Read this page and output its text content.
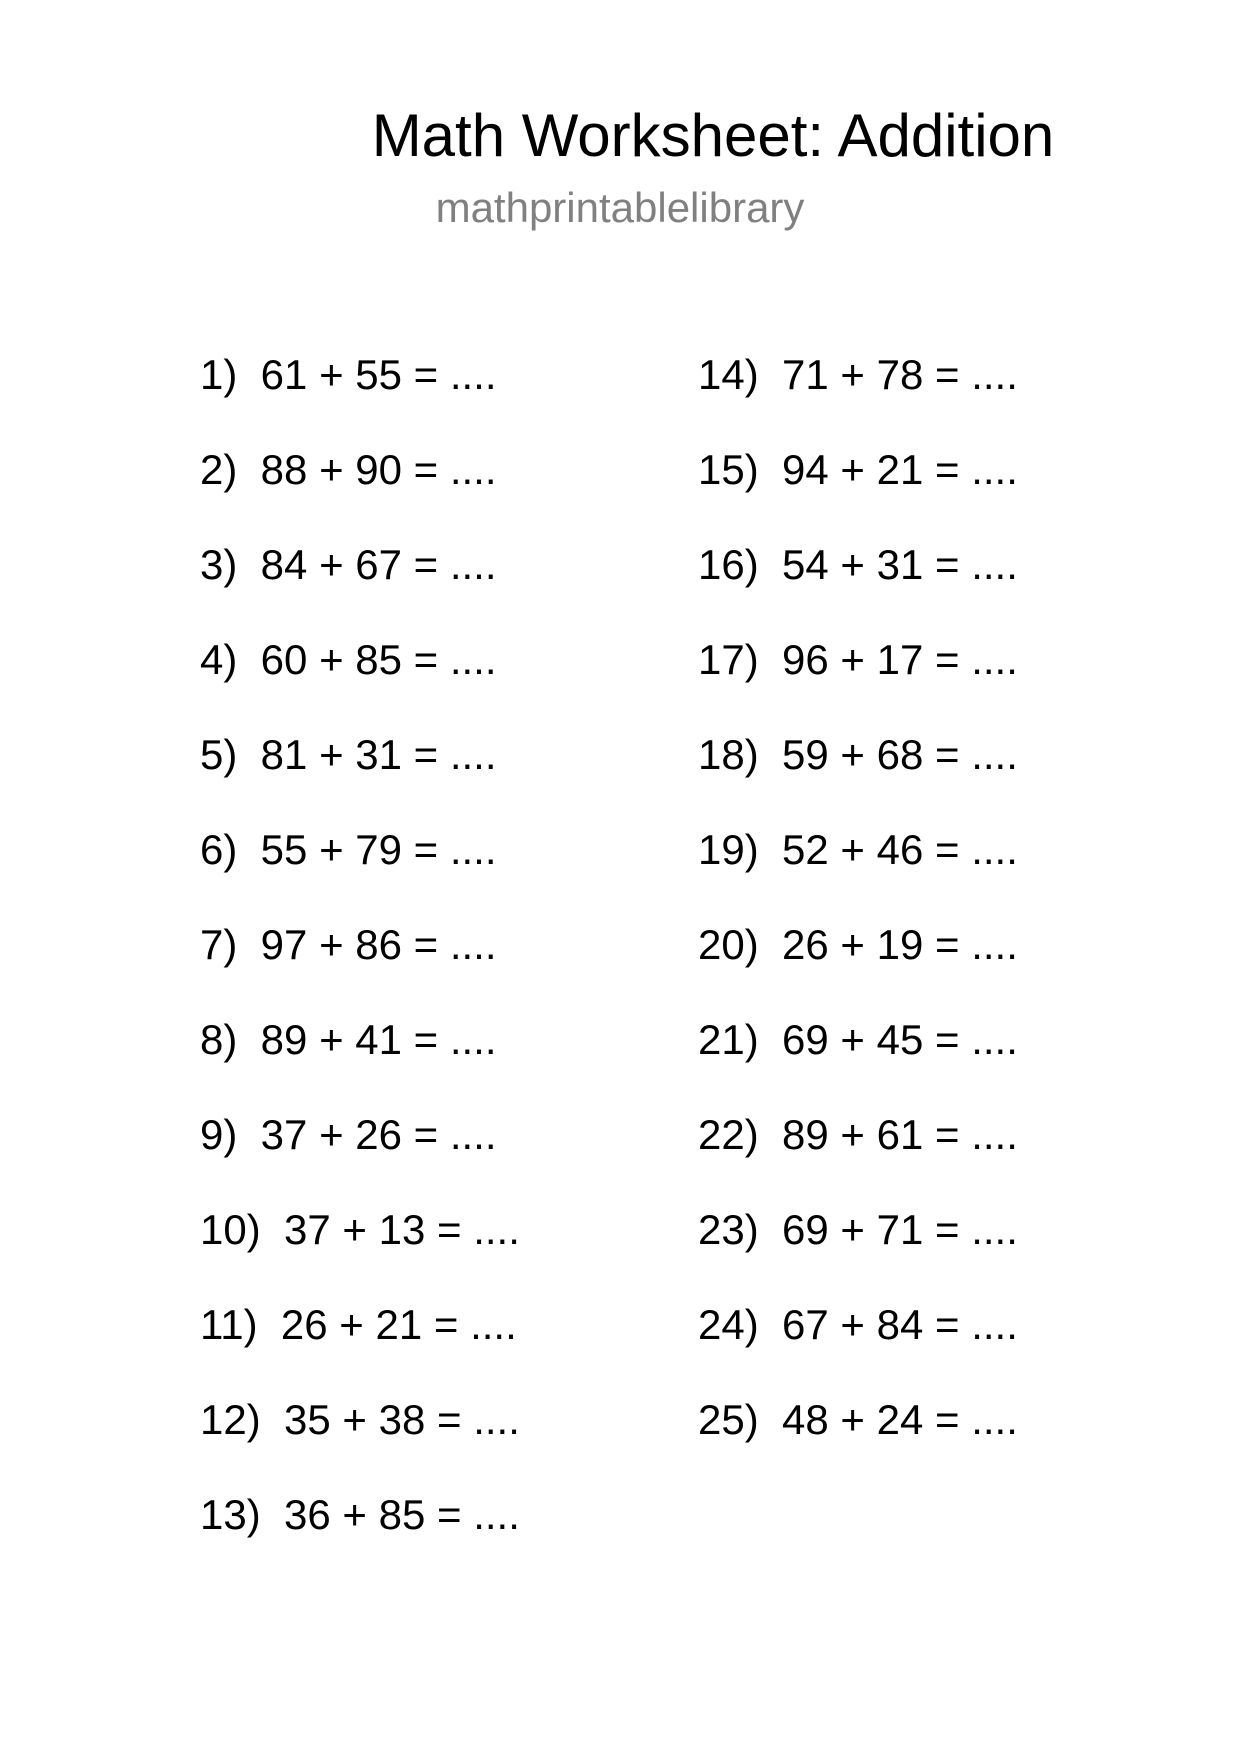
Math Worksheet: Addition
mathprintablelibrary
1)  61 + 55 = ....
2)  88 + 90 = ....
3)  84 + 67 = ....
4)  60 + 85 = ....
5)  81 + 31 = ....
6)  55 + 79 = ....
7)  97 + 86 = ....
8)  89 + 41 = ....
9)  37 + 26 = ....
10)  37 + 13 = ....
11)  26 + 21 = ....
12)  35 + 38 = ....
13)  36 + 85 = ....
14)  71 + 78 = ....
15)  94 + 21 = ....
16)  54 + 31 = ....
17)  96 + 17 = ....
18)  59 + 68 = ....
19)  52 + 46 = ....
20)  26 + 19 = ....
21)  69 + 45 = ....
22)  89 + 61 = ....
23)  69 + 71 = ....
24)  67 + 84 = ....
25)  48 + 24 = ....
